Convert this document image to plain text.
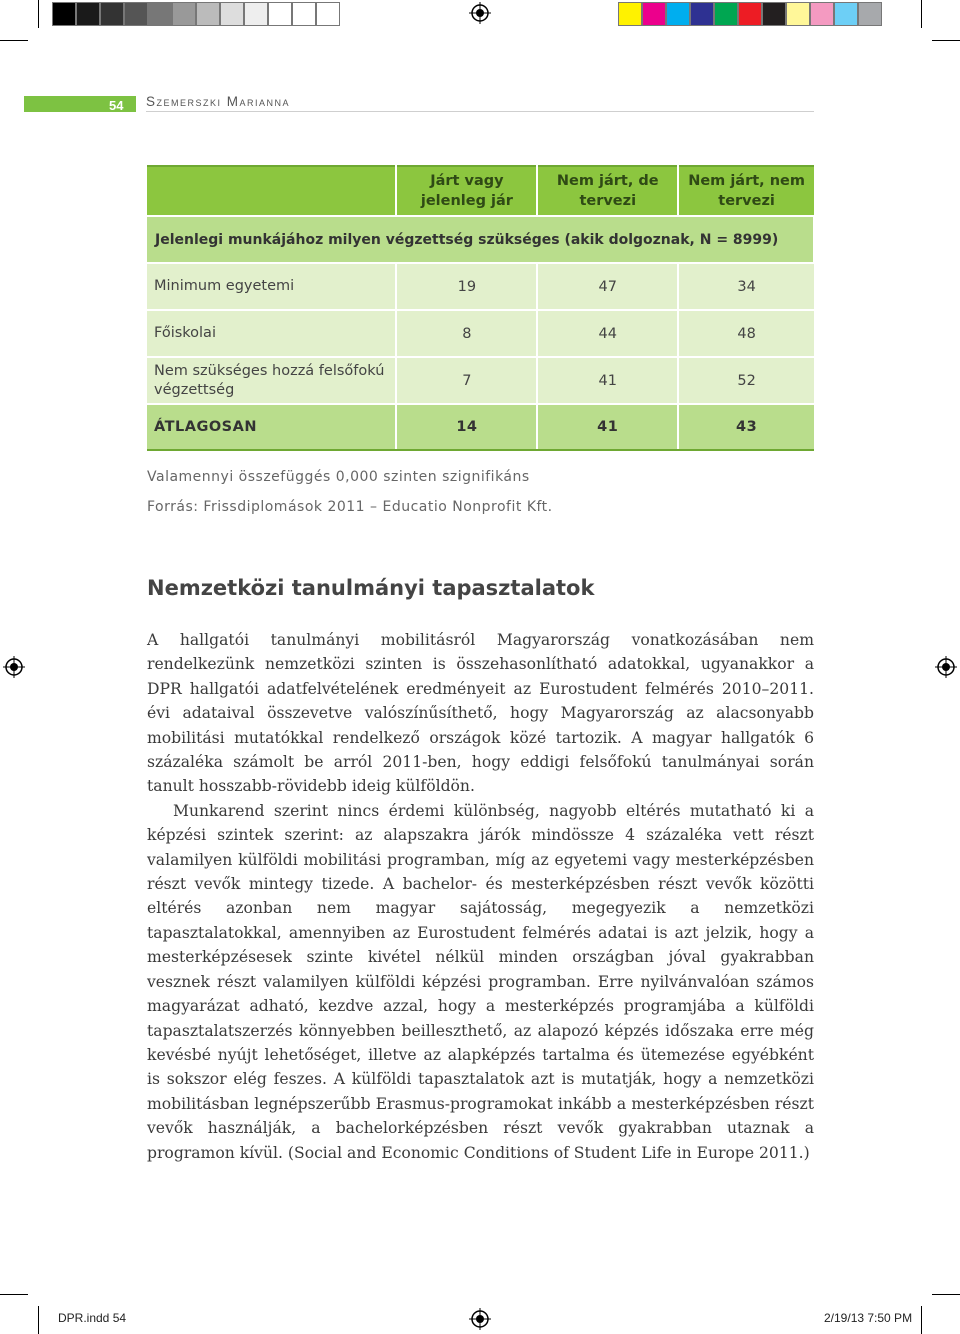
54 Szemerszki Marianna
	Járt vagy jelenleg jár	Nem járt, de tervezi	Nem járt, nem tervezi
Jelenlegi munkájához milyen végzettség szükséges (akik dolgoznak, N = 8999)			
Minimum egyetemi	19	47	34
Főiskolai	8	44	48
Nem szükséges hozzá felsőfokú végzettség	7	41	52
ÁTLAGOSAN	14	41	43
Valamennyi összefüggés 0,000 szinten szignifikáns
Forrás: Frissdiplomások 2011 – Educatio Nonprofit Kft.
Nemzetközi tanulmányi tapasztalatok

A hallgatói tanulmányi mobilitásról Magyarország vonatkozásában nem rendelkezünk nemzetközi szinten is összehasonlítható adatokkal, ugyanakkor a DPR hallgatói adatfelvételének eredményeit az Eurostudent felmérés 2010–2011. évi adataival összevetve valószínűsíthető, hogy Magyarország az alacsonyabb mobilitási mutatókkal rendelkező országok közé tartozik. A magyar hallgatók 6 százaléka számolt be arról 2011-ben, hogy eddigi felsőfokú tanulmányai során tanult hosszabb-rövidebb ideig külföldön.

Munkarend szerint nincs érdemi különbség, nagyobb eltérés mutatható ki a képzési szintek szerint: az alapszakra járók mindössze 4 százaléka vett részt valamilyen külföldi mobilitási programban, míg az egyetemi vagy mesterképzésben részt vevők mintegy tizede. A bachelor- és mesterképzésben részt vevők közötti eltérés azonban nem magyar sajátosság, megegyezik a nemzetközi tapasztalatokkal, amennyiben az Eurostudent felmérés adatai is azt jelzik, hogy a mesterképzésesek szinte kivétel nélkül minden országban jóval gyakrabban vesznek részt valamilyen külföldi képzési programban. Erre nyilvánvalóan számos magyarázat adható, kezdve azzal, hogy a mesterképzés programjába a külföldi tapasztalatszerzés könnyebben beilleszthető, az alapozó képzés időszaka erre még kevésbé nyújt lehetőséget, illetve az alapképzés tartalma és ütemezése egyébként is sokszor elég feszes. A külföldi tapasztalatok azt is mutatják, hogy a nemzetközi mobilitásban legnépszerűbb Erasmus-programokat inkább a mesterképzésben részt vevők használják, a bachelorképzésben részt vevők gyakrabban utaznak a programon kívül. (Social and Economic Conditions of Student Life in Europe 2011.)

DPR.indd 54	2/19/13 7:50 PM
